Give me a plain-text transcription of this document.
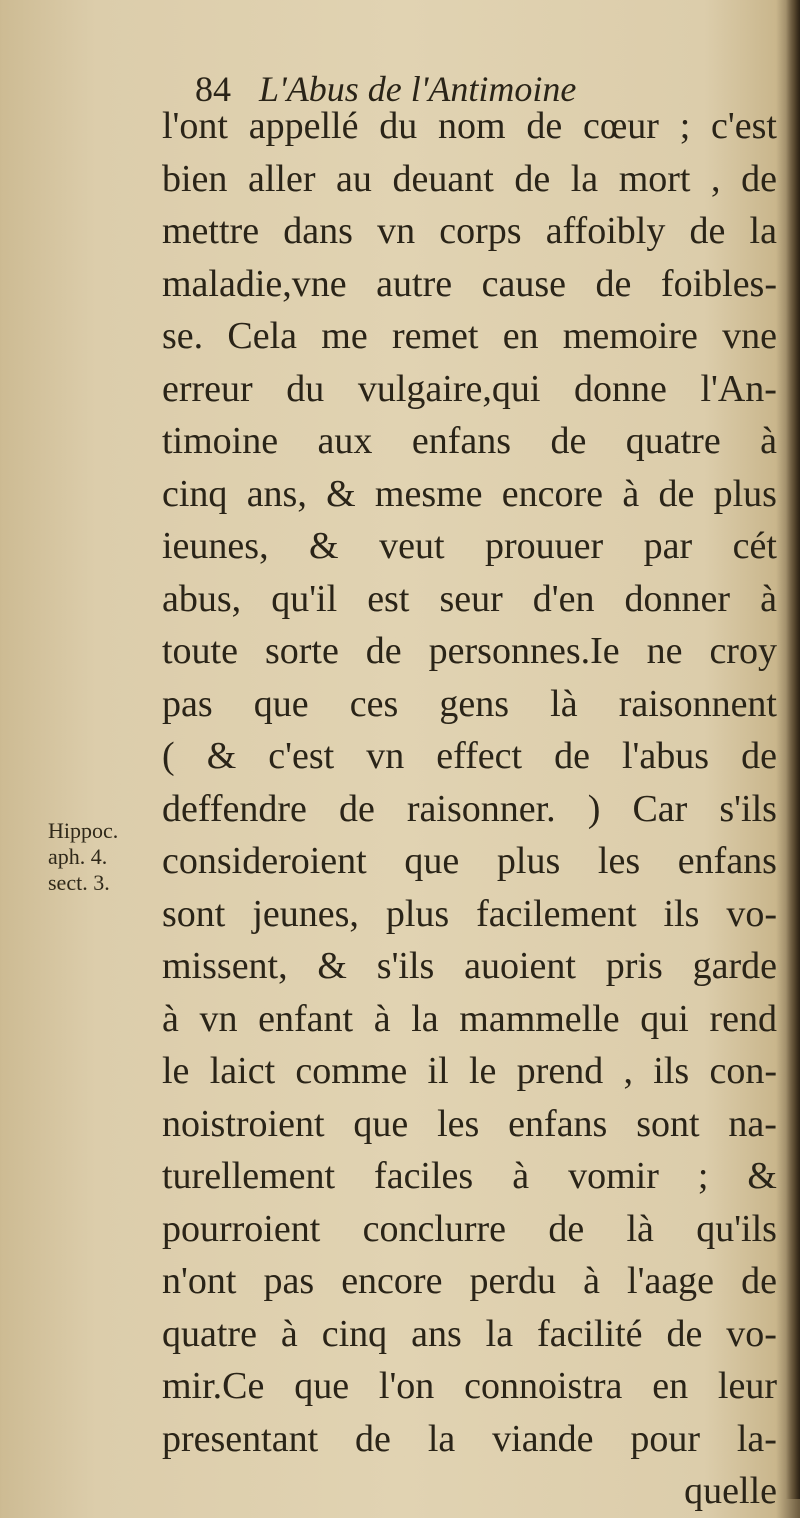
84 L'Abus de l'Antimoine
Hippoc.
aph. 4.
sect. 3.
l'ont appellé du nom de cœur ; c'est
bien aller au deuant de la mort , de
mettre dans vn corps affoibly de la
maladie,vne autre cause de foibles-
se. Cela me remet en memoire vne
erreur du vulgaire,qui donne l'An-
timoine aux enfans de quatre à
cinq ans, & mesme encore à de plus
ieunes, & veut prouuer par cét
abus, qu'il est seur d'en donner à
toute sorte de personnes.Ie ne croy
pas que ces gens là raisonnent
( & c'est vn effect de l'abus de
deffendre de raisonner. ) Car s'ils
consideroient que plus les enfans
sont jeunes, plus facilement ils vo-
missent, & s'ils auoient pris garde
à vn enfant à la mammelle qui rend
le laict comme il le prend , ils con-
noistroient que les enfans sont na-
turellement faciles à vomir ; &
pourroient conclurre de là qu'ils
n'ont pas encore perdu à l'aage de
quatre à cinq ans la facilité de vo-
mir.Ce que l'on connoistra en leur
presentant de la viande pour la-
quelle
